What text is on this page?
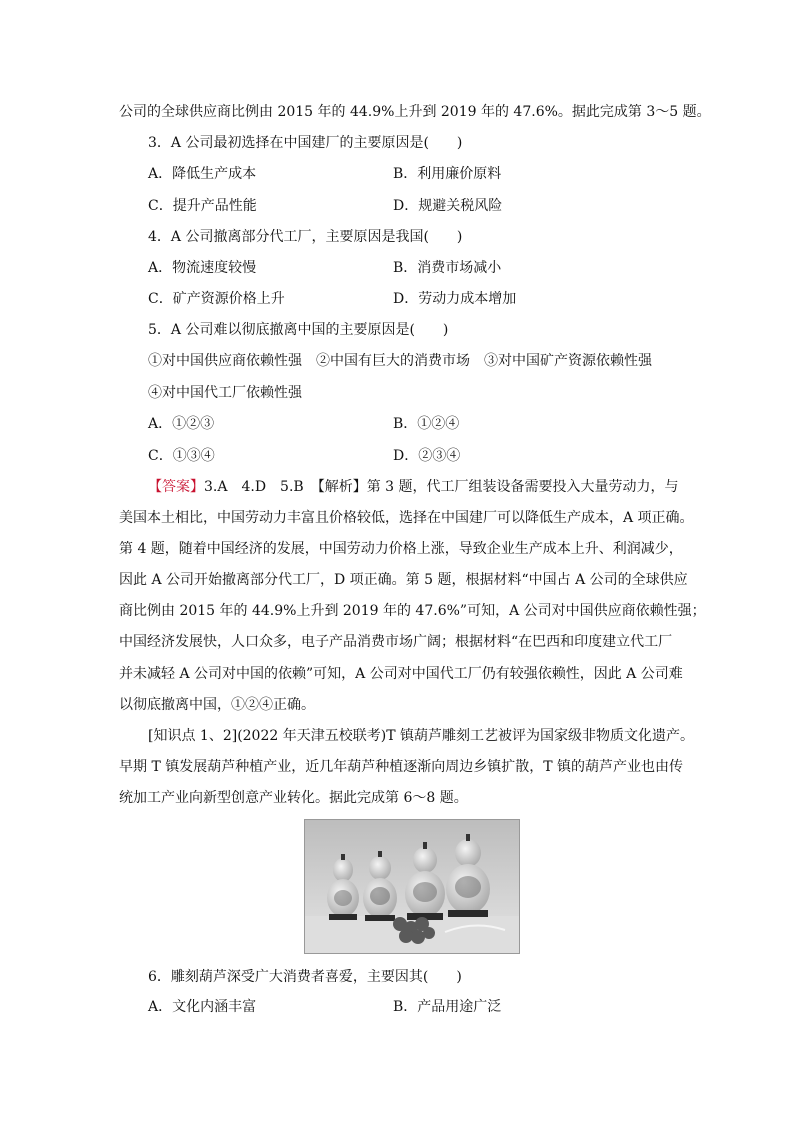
公司的全球供应商比例由 2015 年的 44.9%上升到 2019 年的 47.6%。据此完成第 3～5 题。
3．A 公司最初选择在中国建厂的主要原因是(　　)
A．降低生产成本	B．利用廉价原料
C．提升产品性能	D．规避关税风险
4．A 公司撤离部分代工厂，主要原因是我国(　　)
A．物流速度较慢	B．消费市场减小
C．矿产资源价格上升	D．劳动力成本增加
5．A 公司难以彻底撤离中国的主要原因是(　　)
①对中国供应商依赖性强　②中国有巨大的消费市场　③对中国矿产资源依赖性强
④对中国代工厂依赖性强
A．①②③	B．①②④
C．①③④	D．②③④
【答案】3.A　4.D　5.B　【解析】第 3 题，代工厂组装设备需要投入大量劳动力，与
美国本土相比，中国劳动力丰富且价格较低，选择在中国建厂可以降低生产成本，A 项正确。
第 4 题，随着中国经济的发展，中国劳动力价格上涨，导致企业生产成本上升、利润减少，
因此 A 公司开始撤离部分代工厂，D 项正确。第 5 题，根据材料“中国占 A 公司的全球供应
商比例由 2015 年的 44.9%上升到 2019 年的 47.6%”可知，A 公司对中国供应商依赖性强；
中国经济发展快，人口众多，电子产品消费市场广阔；根据材料“在巴西和印度建立代工厂
并未减轻 A 公司对中国的依赖”可知，A 公司对中国代工厂仍有较强依赖性，因此 A 公司难
以彻底撤离中国，①②④正确。
[知识点 1、2](2022 年天津五校联考)T 镇葫芦雕刻工艺被评为国家级非物质文化遗产。
早期 T 镇发展葫芦种植产业，近几年葫芦种植逐渐向周边乡镇扩散，T 镇的葫芦产业也由传
统加工产业向新型创意产业转化。据此完成第 6～8 题。
6．雕刻葫芦深受广大消费者喜爱，主要因其(　　)
A．文化内涵丰富	B．产品用途广泛
